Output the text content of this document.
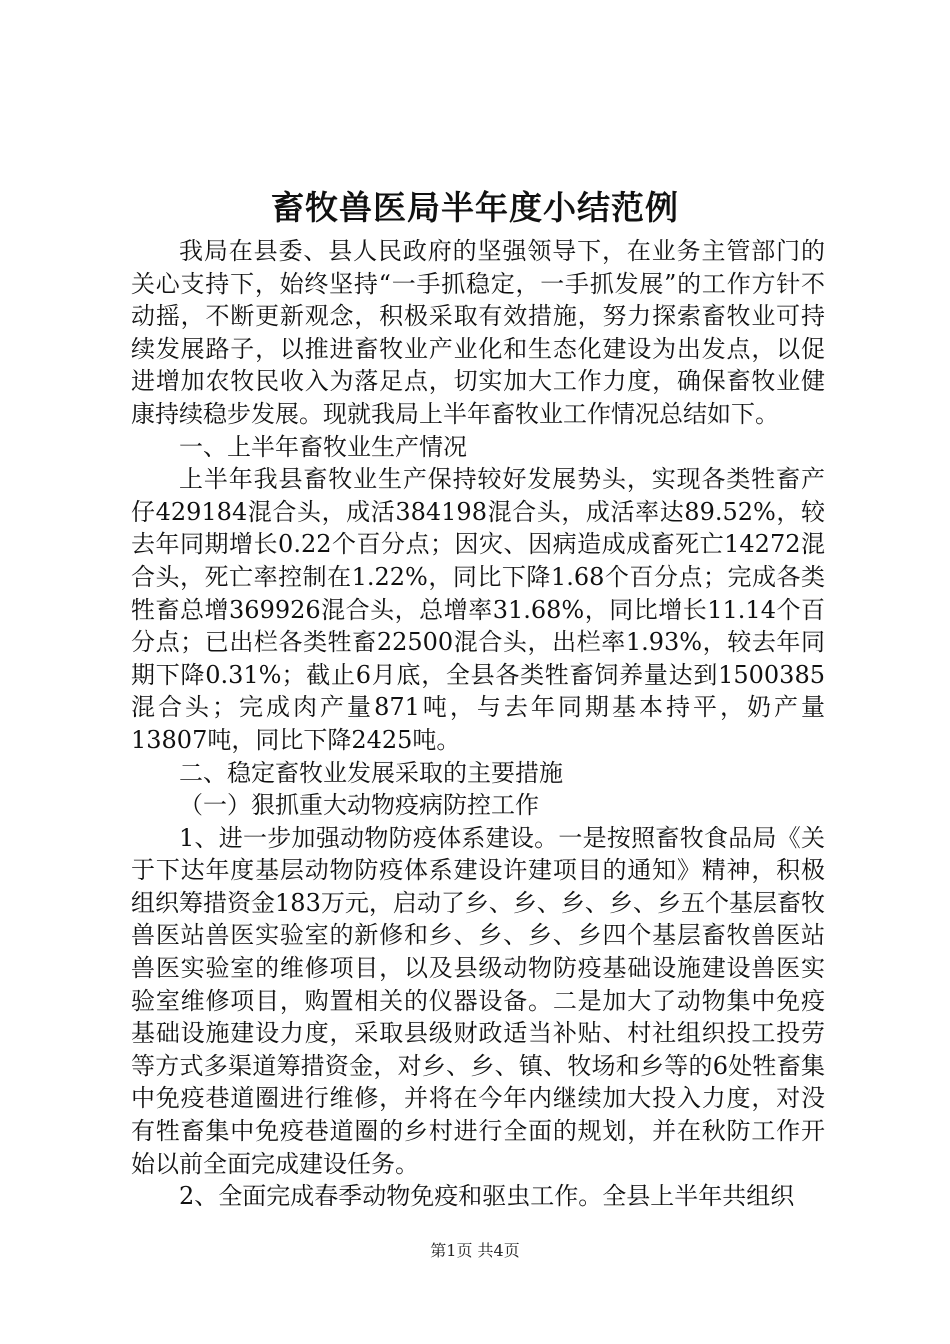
畜牧兽医局半年度小结范例

我局在县委、县人民政府的坚强领导下，在业务主管部门的关心支持下，始终坚持“一手抓稳定，一手抓发展”的工作方针不动摇，不断更新观念，积极采取有效措施，努力探索畜牧业可持续发展路子，以推进畜牧业产业化和生态化建设为出发点，以促进增加农牧民收入为落足点，切实加大工作力度，确保畜牧业健康持续稳步发展。现就我局上半年畜牧业工作情况总结如下。

一、上半年畜牧业生产情况

上半年我县畜牧业生产保持较好发展势头，实现各类牲畜产仔429184混合头，成活384198混合头，成活率达89.52%，较去年同期增长0.22个百分点；因灾、因病造成成畜死亡14272混合头，死亡率控制在1.22%，同比下降1.68个百分点；完成各类牲畜总增369926混合头，总增率31.68%，同比增长11.14个百分点；已出栏各类牲畜22500混合头，出栏率1.93%，较去年同期下降0.31%；截止6月底，全县各类牲畜饲养量达到1500385混合头；完成肉产量871吨，与去年同期基本持平，奶产量13807吨，同比下降2425吨。

二、稳定畜牧业发展采取的主要措施

（一）狠抓重大动物疫病防控工作

1、进一步加强动物防疫体系建设。一是按照畜牧食品局《关于下达年度基层动物防疫体系建设许建项目的通知》精神，积极组织筹措资金183万元，启动了乡、乡、乡、乡、乡五个基层畜牧兽医站兽医实验室的新修和乡、乡、乡、乡四个基层畜牧兽医站兽医实验室的维修项目，以及县级动物防疫基础设施建设兽医实验室维修项目，购置相关的仪器设备。二是加大了动物集中免疫基础设施建设力度，采取县级财政适当补贴、村社组织投工投劳等方式多渠道筹措资金，对乡、乡、镇、牧场和乡等的6处牲畜集中免疫巷道圈进行维修，并将在今年内继续加大投入力度，对没有牲畜集中免疫巷道圈的乡村进行全面的规划，并在秋防工作开始以前全面完成建设任务。

2、全面完成春季动物免疫和驱虫工作。全县上半年共组织

第1页 共4页
